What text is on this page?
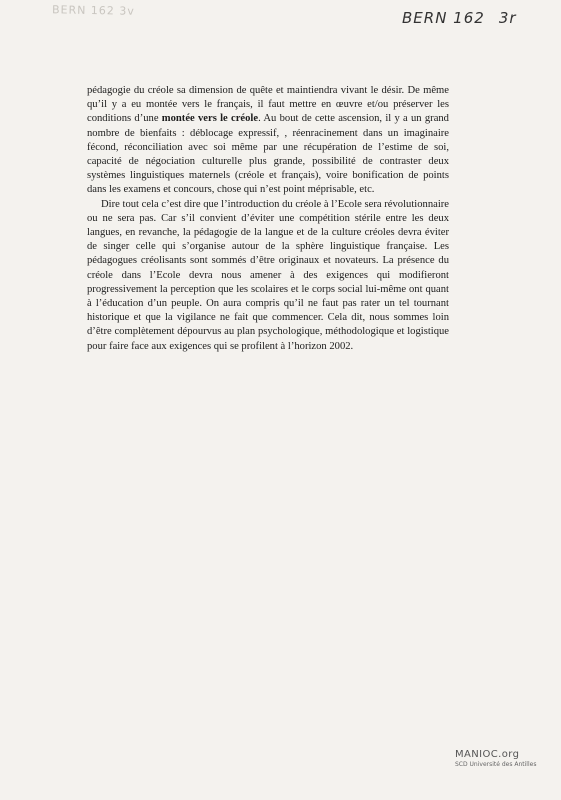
BERN 162 3v	BERN 162 3r

pédagogie du créole sa dimension de quête et maintiendra vivant le désir. De même qu’il y a eu montée vers le français, il faut mettre en œuvre et/ou préserver les conditions d’une montée vers le créole. Au bout de cette ascension, il y a un grand nombre de bienfaits : déblocage expressif, , réenracinement dans un imaginaire fécond, réconciliation avec soi même par une récupération de l’estime de soi, capacité de négociation culturelle plus grande, possibilité de contraster deux systèmes linguistiques maternels (créole et français), voire bonification de points dans les examens et concours, chose qui n’est point méprisable, etc.

Dire tout cela c’est dire que l’introduction du créole à l’Ecole sera révolutionnaire ou ne sera pas. Car s’il convient d’éviter une compétition stérile entre les deux langues, en revanche, la pédagogie de la langue et de la culture créoles devra éviter de singer celle qui s’organise autour de la sphère linguistique française. Les pédagogues créolisants sont sommés d’être originaux et novateurs. La présence du créole dans l’Ecole devra nous amener à des exigences qui modifieront progressivement la perception que les scolaires et le corps social lui-même ont quant à l’éducation d’un peuple. On aura compris qu’il ne faut pas rater un tel tournant historique et que la vigilance ne fait que commencer. Cela dit, nous sommes loin d’être complètement dépourvus au plan psychologique, méthodologique et logistique pour faire face aux exigences qui se profilent à l’horizon 2002.

MANIOC.org
SCD Université des Antilles
